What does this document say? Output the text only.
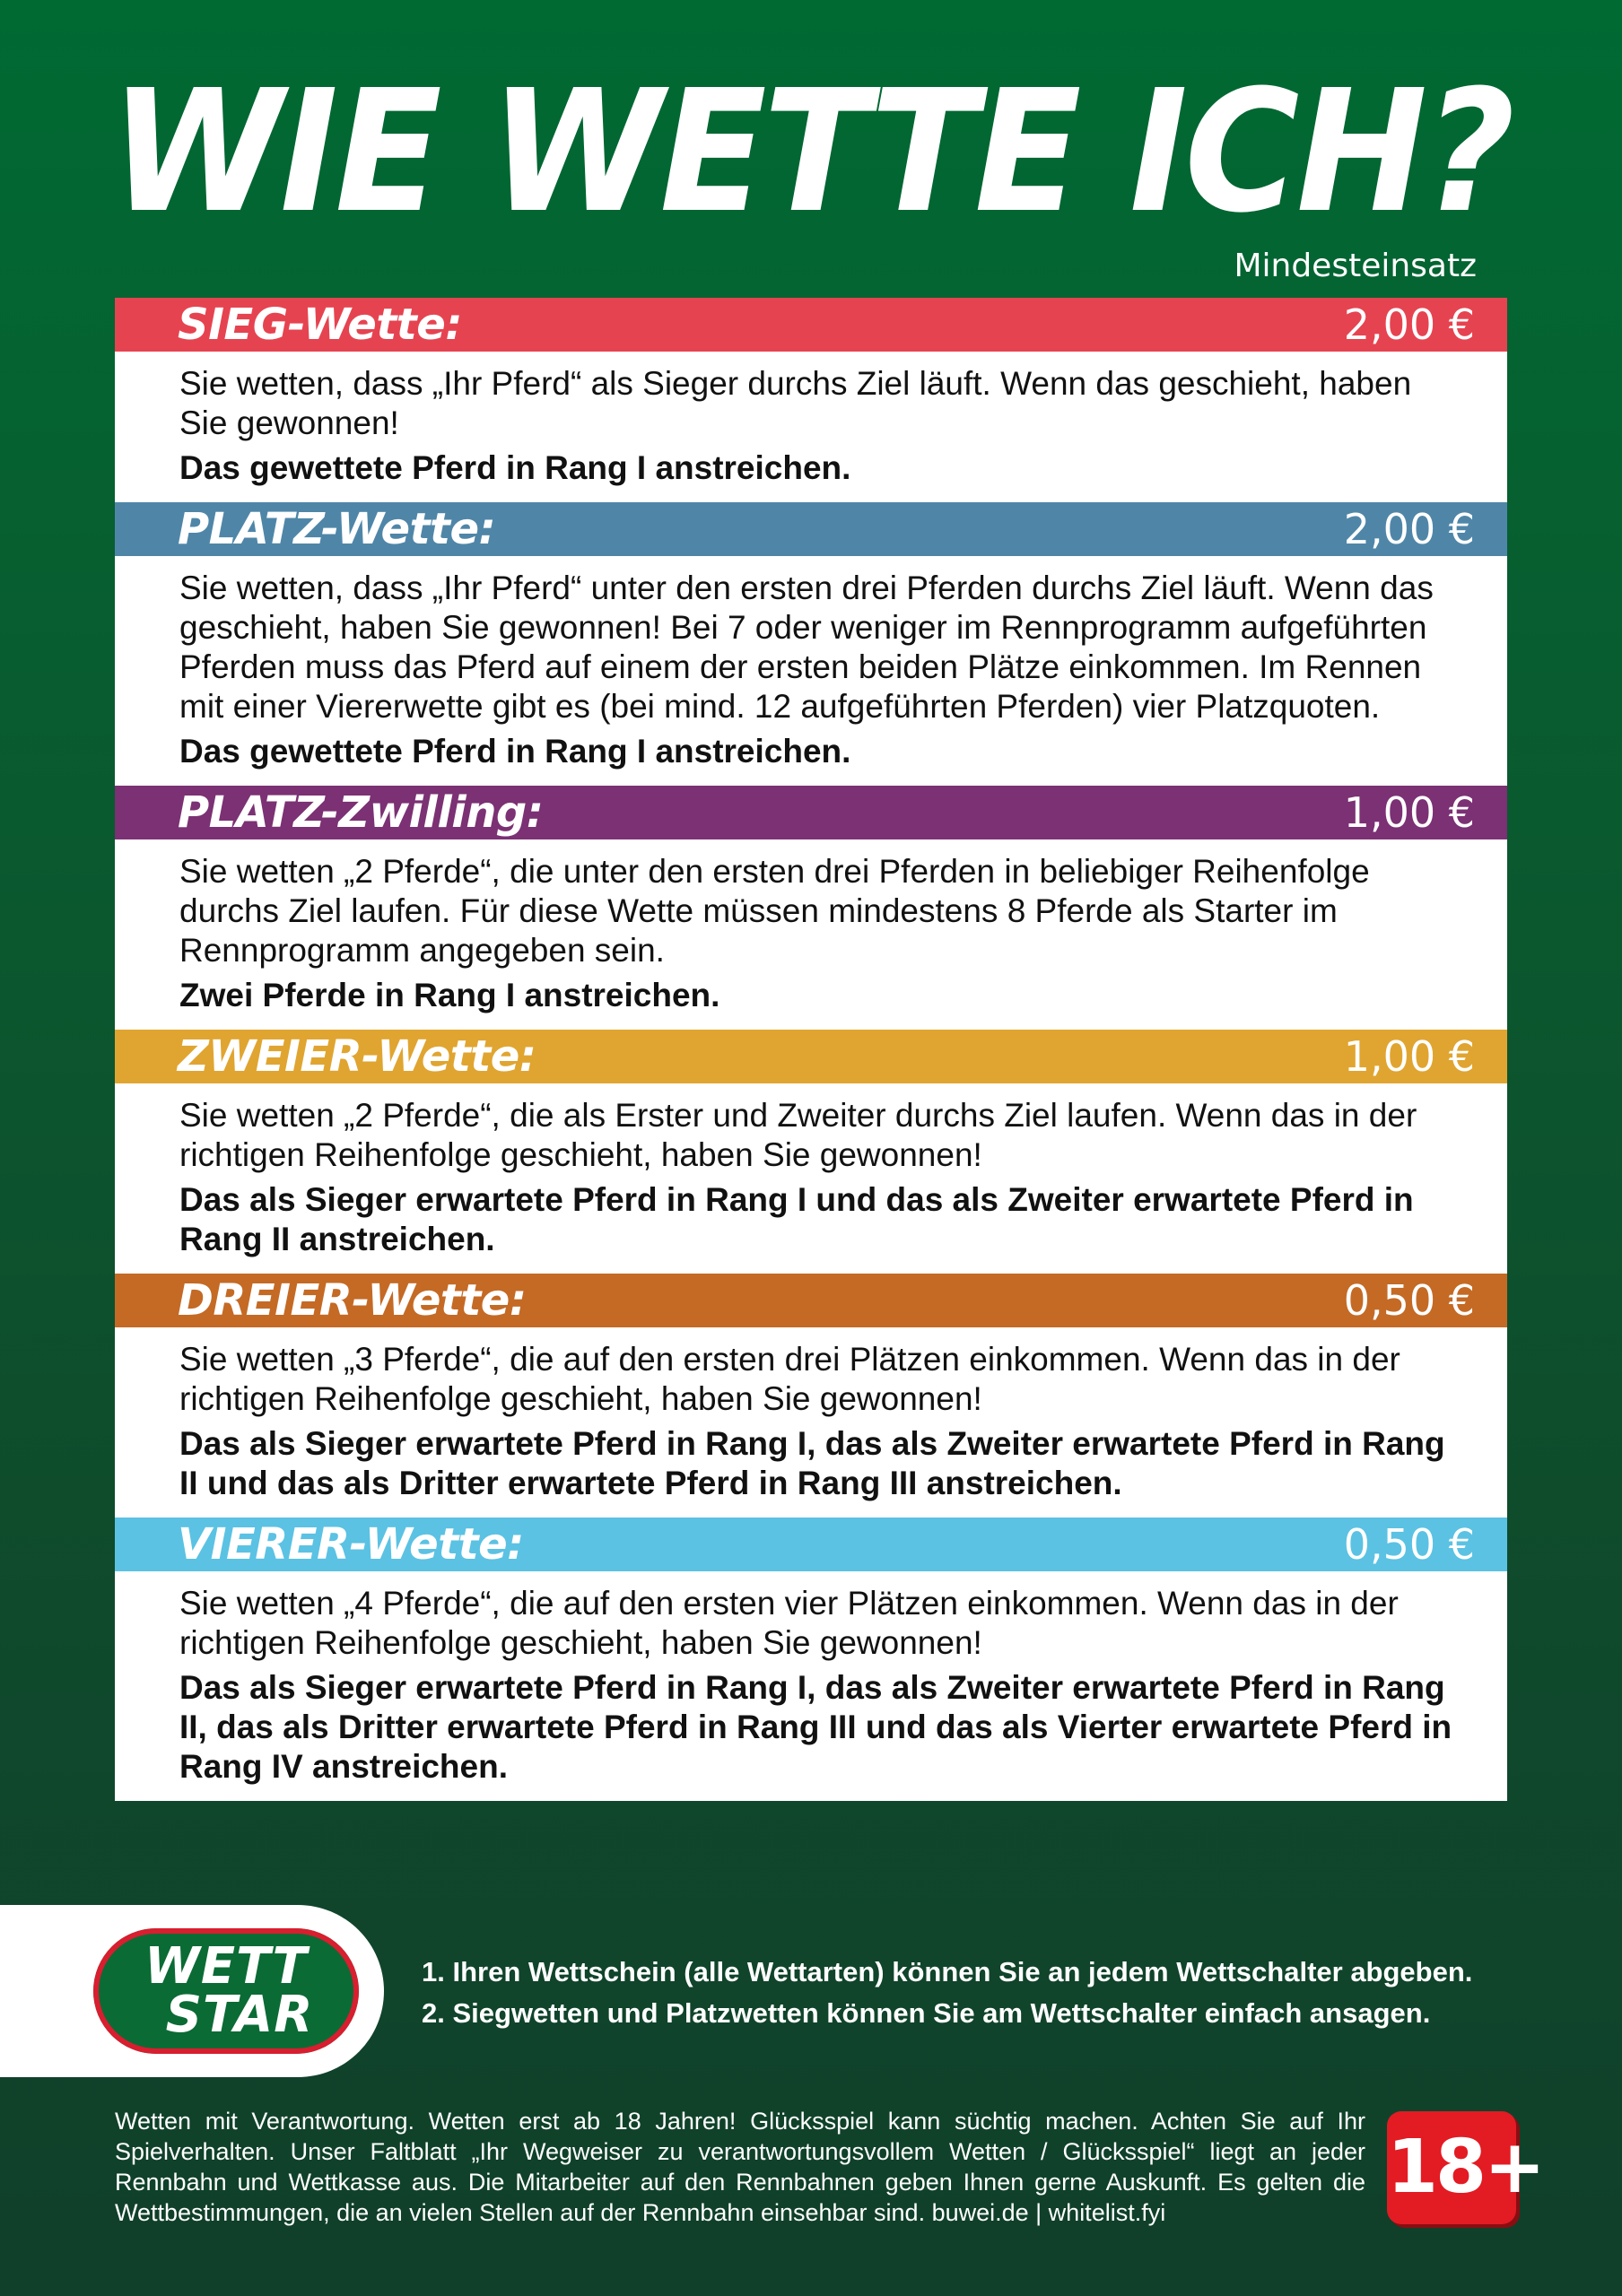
WIE WETTE ICH?
Mindesteinsatz
SIEG-Wette:	2,00 €
Sie wetten, dass „Ihr Pferd“ als Sieger durchs Ziel läuft. Wenn das geschieht, haben Sie gewonnen!
Das gewettete Pferd in Rang I anstreichen.
PLATZ-Wette:	2,00 €
Sie wetten, dass „Ihr Pferd“ unter den ersten drei Pferden durchs Ziel läuft. Wenn das geschieht, haben Sie gewonnen! Bei 7 oder weniger im Rennprogramm aufgeführten Pferden muss das Pferd auf einem der ersten beiden Plätze einkommen. Im Rennen mit einer Viererwette gibt es (bei mind. 12 aufgeführten Pferden) vier Platzquoten.
Das gewettete Pferd in Rang I anstreichen.
PLATZ-Zwilling:	1,00 €
Sie wetten „2 Pferde“, die unter den ersten drei Pferden in beliebiger Reihenfolge durchs Ziel laufen. Für diese Wette müssen mindestens 8 Pferde als Starter im Rennprogramm angegeben sein.
Zwei Pferde in Rang I anstreichen.
ZWEIER-Wette:	1,00 €
Sie wetten „2 Pferde“, die als Erster und Zweiter durchs Ziel laufen. Wenn das in der richtigen Reihenfolge geschieht, haben Sie gewonnen!
Das als Sieger erwartete Pferd in Rang I und das als Zweiter erwartete Pferd in Rang II anstreichen.
DREIER-Wette:	0,50 €
Sie wetten „3 Pferde“, die auf den ersten drei Plätzen einkommen. Wenn das in der richtigen Reihenfolge geschieht, haben Sie gewonnen!
Das als Sieger erwartete Pferd in Rang I, das als Zweiter erwartete Pferd in Rang II und das als Dritter erwartete Pferd in Rang III anstreichen.
VIERER-Wette:	0,50 €
Sie wetten „4 Pferde“, die auf den ersten vier Plätzen einkommen. Wenn das in der richtigen Reihenfolge geschieht, haben Sie gewonnen!
Das als Sieger erwartete Pferd in Rang I, das als Zweiter erwartete Pferd in Rang II, das als Dritter erwartete Pferd in Rang III und das als Vierter erwartete Pferd in Rang IV anstreichen.
WETT
STAR
1. Ihren Wettschein (alle Wettarten) können Sie an jedem Wettschalter abgeben.
2. Siegwetten und Platzwetten können Sie am Wettschalter einfach ansagen.
Wetten mit Verantwortung. Wetten erst ab 18 Jahren! Glücksspiel kann süchtig machen. Achten Sie auf Ihr Spielverhalten. Unser Faltblatt „Ihr Wegweiser zu verantwortungsvollem Wetten / Glücksspiel“ liegt an jeder Rennbahn und Wettkasse aus. Die Mitarbeiter auf den Rennbahnen geben Ihnen gerne Auskunft. Es gelten die Wettbestimmungen, die an vielen Stellen auf der Rennbahn einsehbar sind. buwei.de | whitelist.fyi
18+
